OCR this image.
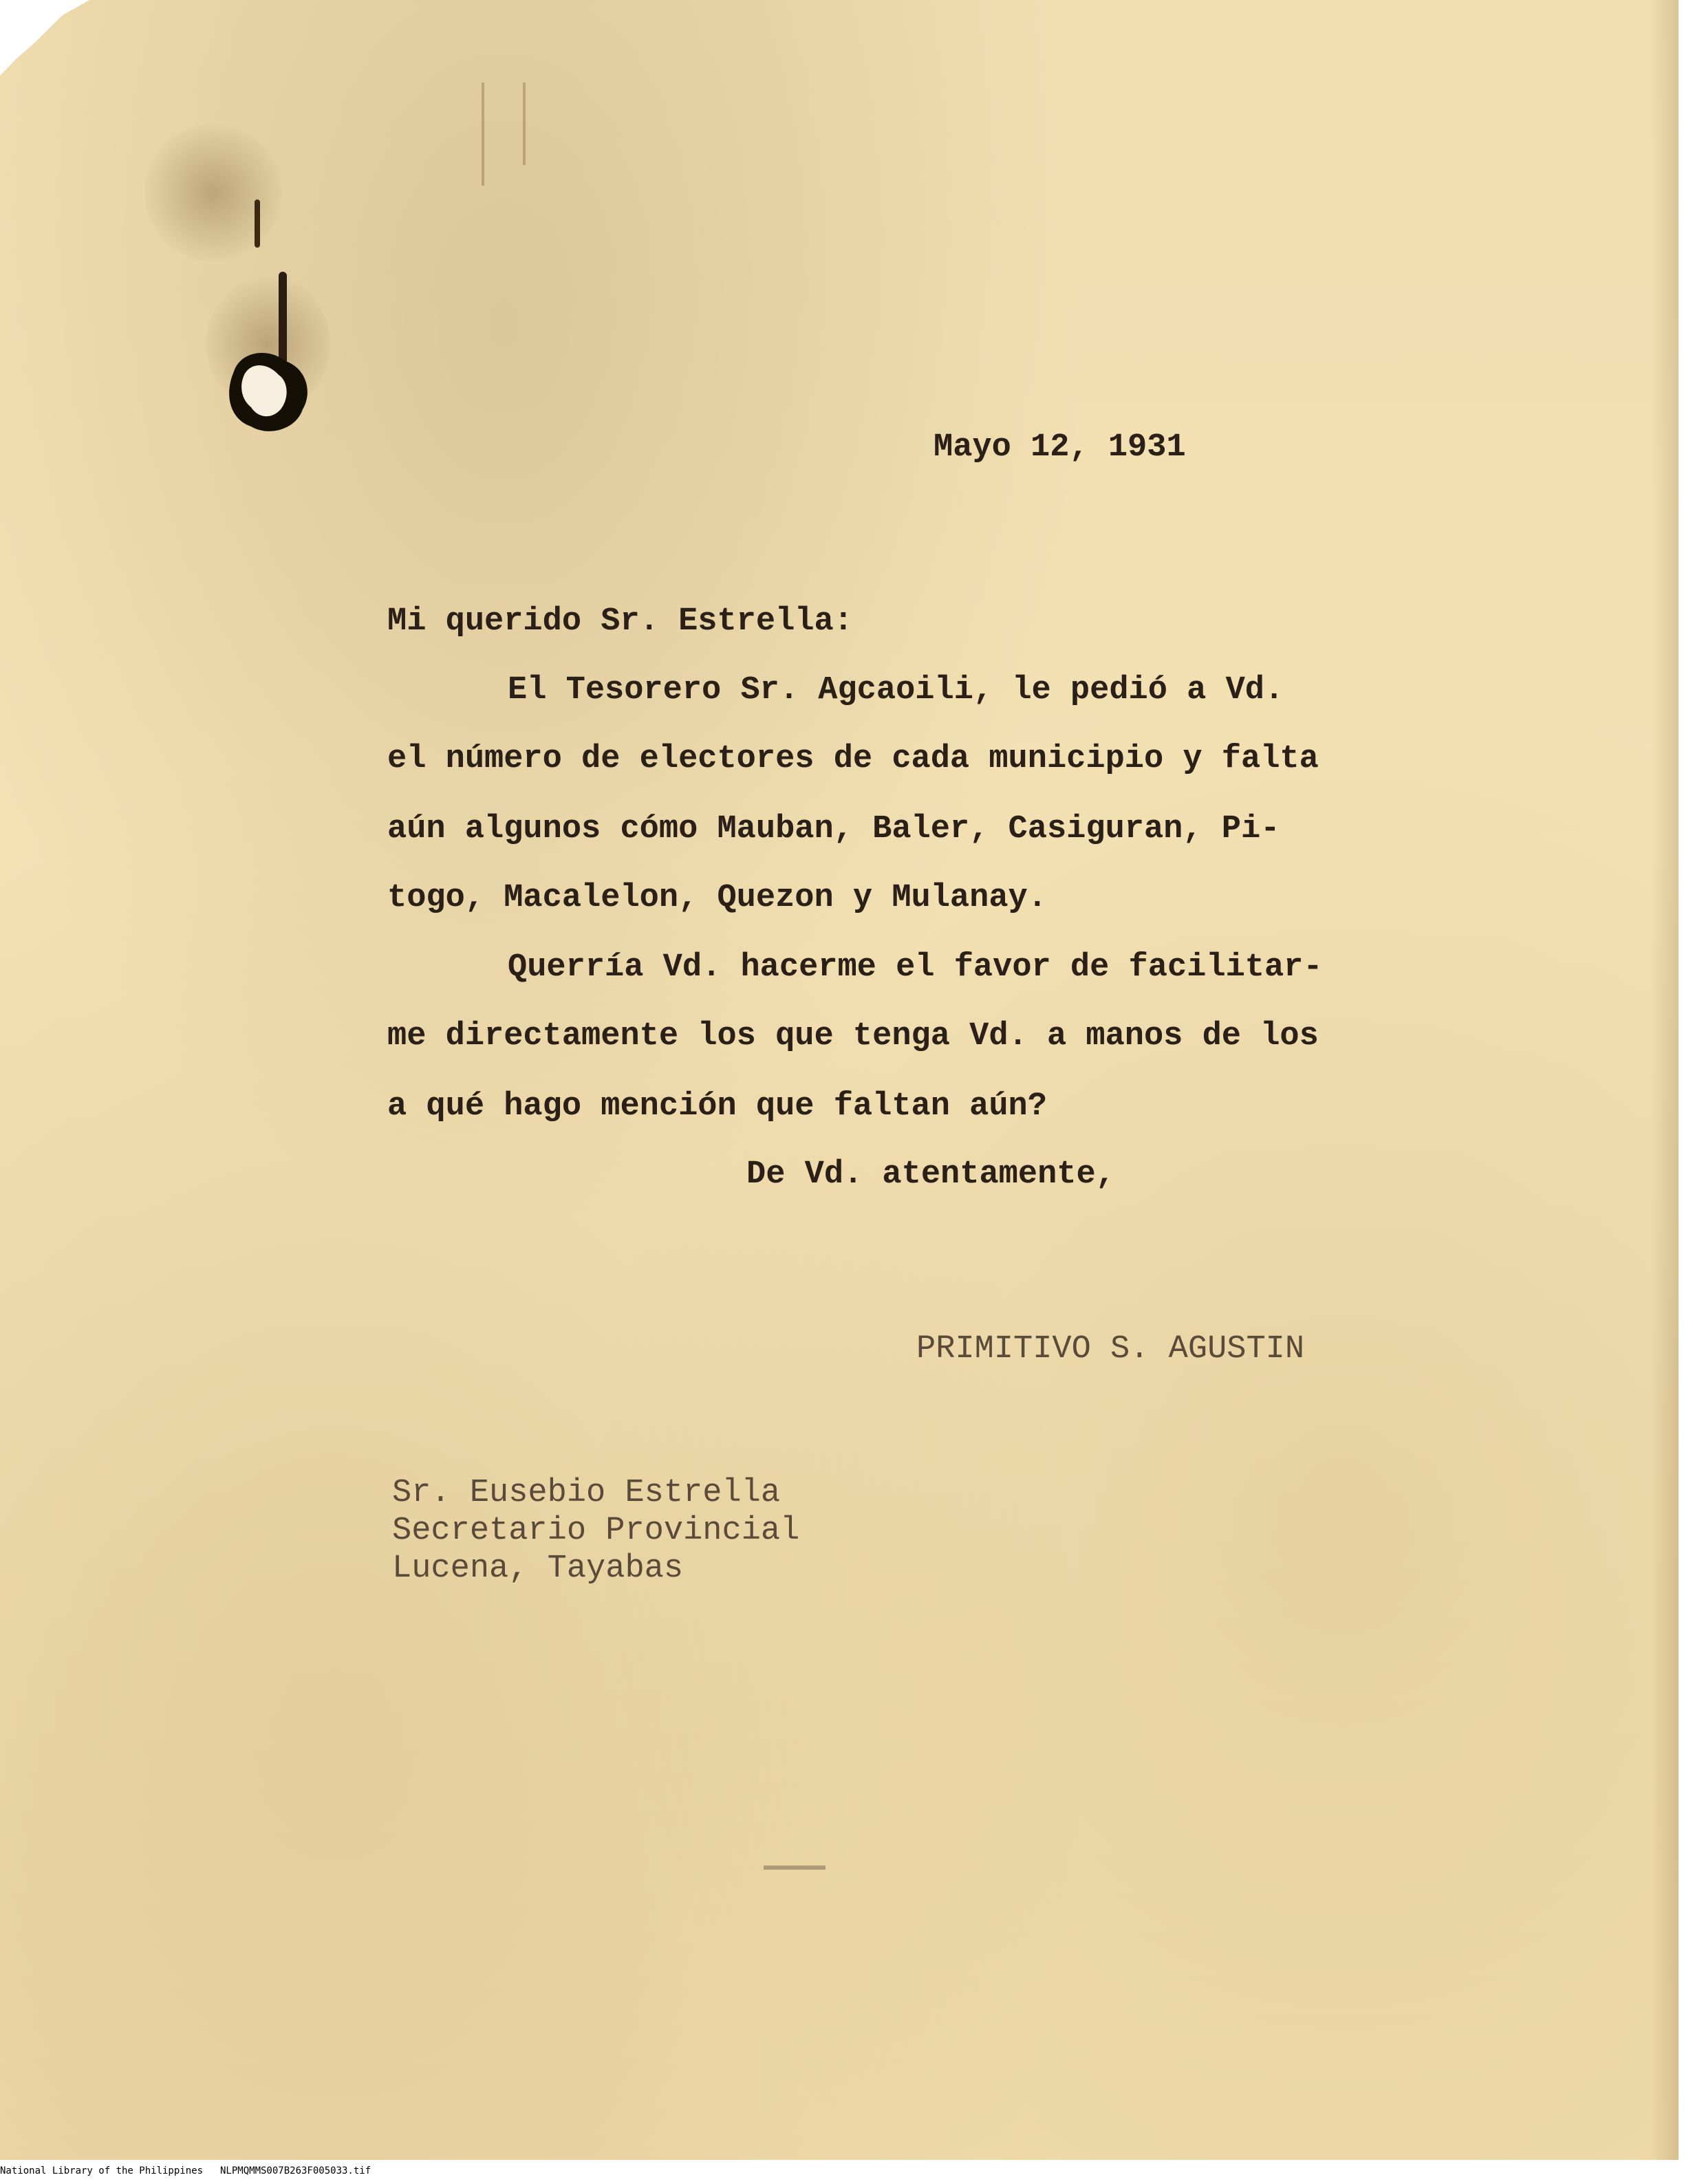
Mayo 12, 1931
Mi querido Sr. Estrella:
El Tesorero Sr. Agcaoili, le pedió a Vd.
el número de electores de cada municipio y falta
aún algunos cómo Mauban, Baler, Casiguran, Pi-
togo, Macalelon, Quezon y Mulanay.
Querría Vd. hacerme el favor de facilitar-
me directamente los que tenga Vd. a manos de los
a qué hago mención que faltan aún?
De Vd. atentamente,
PRIMITIVO S. AGUSTIN
Sr. Eusebio Estrella
Secretario Provincial
Lucena, Tayabas
National Library of the Philippines NLPMQMMS007B263F005033.tif
